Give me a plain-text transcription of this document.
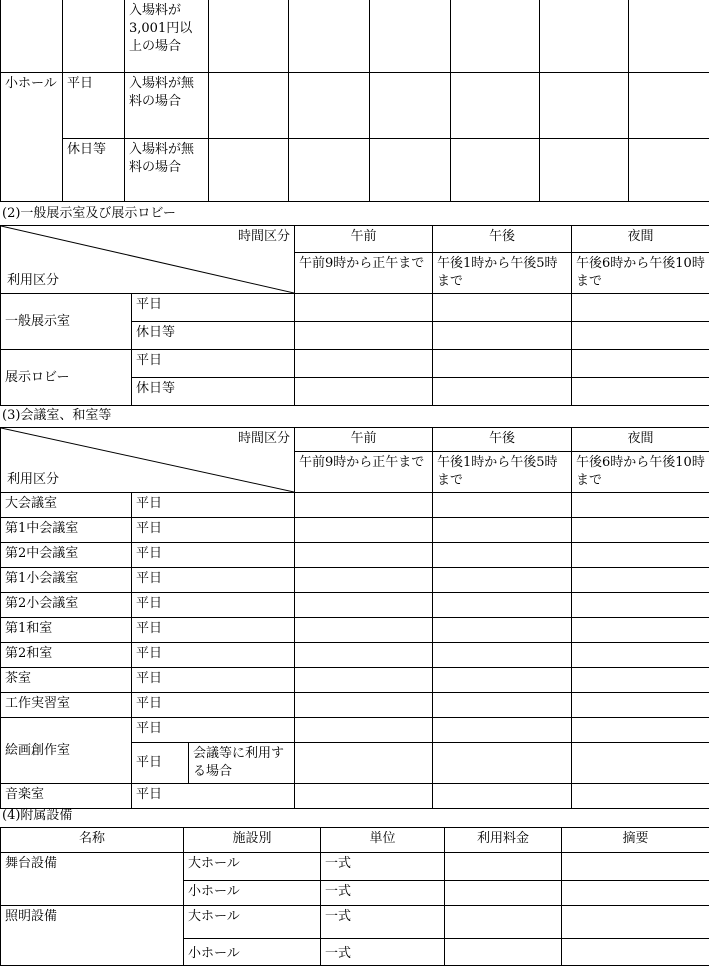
		入場料が3,001円以上の場合						
小ホール	平日	入場料が無料の場合						
	休日等	入場料が無料の場合						
(2)一般展示室及び展示ロビー
時間区分
利用区分		午前	午後	夜間
		午前9時から正午まで	午後1時から午後5時まで	午後6時から午後10時まで
一般展示室	平日			
	休日等			
展示ロビー	平日			
	休日等			
(3)会議室、和室等
時間区分
利用区分			午前	午後	夜間
			午前9時から正午まで	午後1時から午後5時まで	午後6時から午後10時まで
大会議室	平日				
第1中会議室	平日				
第2中会議室	平日				
第1小会議室	平日				
第2小会議室	平日				
第1和室	平日				
第2和室	平日				
茶室	平日				
工作実習室	平日				
絵画創作室	平日				
	平日	会議等に利用する場合			
音楽室	平日				
(4)附属設備
名称	施設別	単位	利用料金	摘要
舞台設備	大ホール	一式		
	小ホール	一式		
照明設備	大ホール	一式		
	小ホール	一式		
